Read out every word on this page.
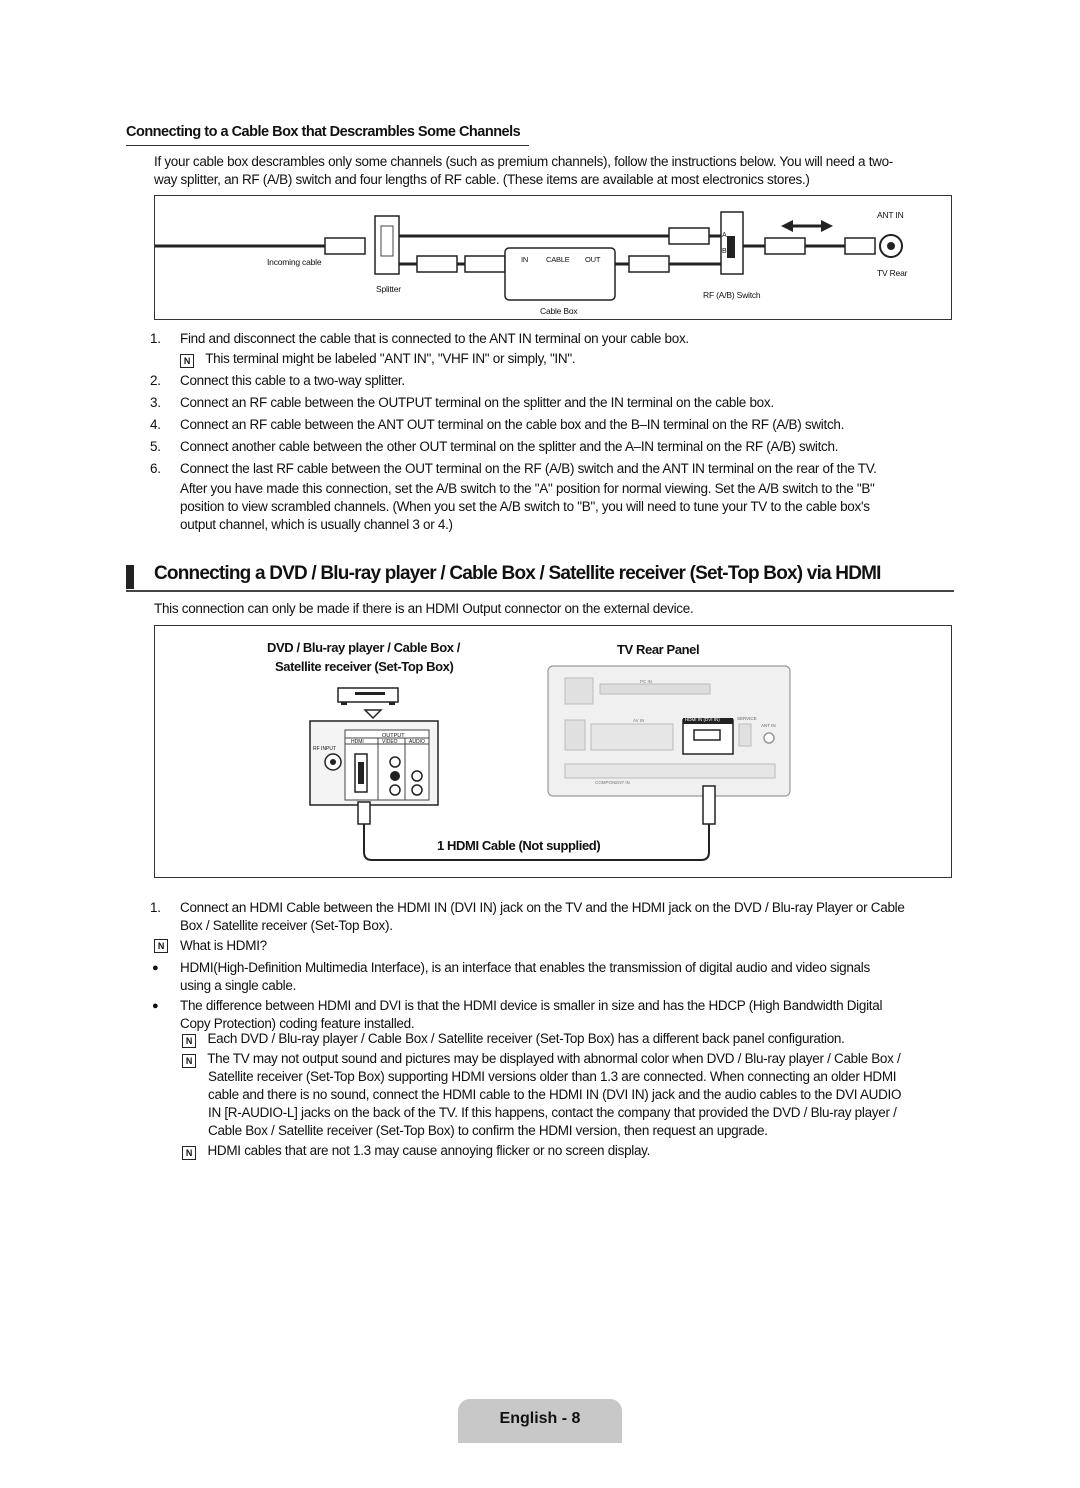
Connecting to a Cable Box that Descrambles Some Channels
If your cable box descrambles only some channels (such as premium channels), follow the instructions below. You will need a two-
way splitter, an RF (A/B) switch and four lengths of RF cable. (These items are available at most electronics stores.)
Incoming cable
Splitter
IN CABLE OUT
Cable Box
RF (A/B) Switch
A
B
ANT IN
TV Rear
1. Find and disconnect the cable that is connected to the ANT IN terminal on your cable box.
N This terminal might be labeled "ANT IN", "VHF IN" or simply, "IN".
2. Connect this cable to a two-way splitter.
3. Connect an RF cable between the OUTPUT terminal on the splitter and the IN terminal on the cable box.
4. Connect an RF cable between the ANT OUT terminal on the cable box and the B–IN terminal on the RF (A/B) switch.
5. Connect another cable between the other OUT terminal on the splitter and the A–IN terminal on the RF (A/B) switch.
6. Connect the last RF cable between the OUT terminal on the RF (A/B) switch and the ANT IN terminal on the rear of the TV.
After you have made this connection, set the A/B switch to the "A" position for normal viewing. Set the A/B switch to the "B"
position to view scrambled channels. (When you set the A/B switch to "B", you will need to tune your TV to the cable box's
output channel, which is usually channel 3 or 4.)
Connecting a DVD / Blu-ray player / Cable Box / Satellite receiver (Set-Top Box) via HDMI
This connection can only be made if there is an HDMI Output connector on the external device.
DVD / Blu-ray player / Cable Box /
Satellite receiver (Set-Top Box)
TV Rear Panel
OUTPUT
HDMI	VIDEO AUDIO
RF INPUT
HDMI IN (DVI IN)	SERVICE
ANT IN
COMPONENT IN
AV IN
PC IN
1 HDMI Cable (Not supplied)
1. Connect an HDMI Cable between the HDMI IN (DVI IN) jack on the TV and the HDMI jack on the DVD / Blu-ray Player or Cable
Box / Satellite receiver (Set-Top Box).
N What is HDMI?
● HDMI(High-Definition Multimedia Interface), is an interface that enables the transmission of digital audio and video signals
using a single cable.
● The difference between HDMI and DVI is that the HDMI device is smaller in size and has the HDCP (High Bandwidth Digital
Copy Protection) coding feature installed.
N Each DVD / Blu-ray player / Cable Box / Satellite receiver (Set-Top Box) has a different back panel configuration.
N The TV may not output sound and pictures may be displayed with abnormal color when DVD / Blu-ray player / Cable Box /
Satellite receiver (Set-Top Box) supporting HDMI versions older than 1.3 are connected. When connecting an older HDMI
cable and there is no sound, connect the HDMI cable to the HDMI IN (DVI IN) jack and the audio cables to the DVI AUDIO
IN [R-AUDIO-L] jacks on the back of the TV. If this happens, contact the company that provided the DVD / Blu-ray player /
Cable Box / Satellite receiver (Set-Top Box) to confirm the HDMI version, then request an upgrade.
N HDMI cables that are not 1.3 may cause annoying flicker or no screen display.
English - 8
